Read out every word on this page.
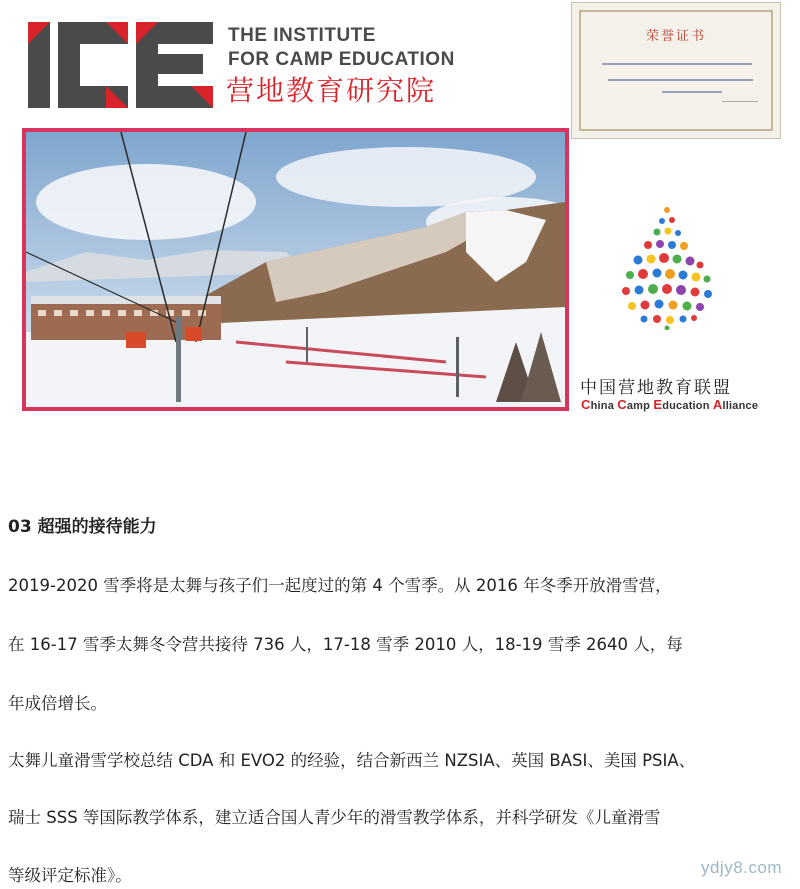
THE INSTITUTE
FOR CAMP EDUCATION
营地教育研究院
荣誉证书
中国营地教育联盟
China Camp Education Alliance
03 超强的接待能力
2019-2020 雪季将是太舞与孩子们一起度过的第 4 个雪季。从 2016 年冬季开放滑雪营，
在 16-17 雪季太舞冬令营共接待 736 人，17-18 雪季 2010 人，18-19 雪季 2640 人，每
年成倍增长。
太舞儿童滑雪学校总结 CDA 和 EVO2 的经验，结合新西兰 NZSIA、英国 BASI、美国 PSIA、
瑞士 SSS 等国际教学体系，建立适合国人青少年的滑雪教学体系，并科学研发《儿童滑雪
等级评定标准》。	ydjy8.com
